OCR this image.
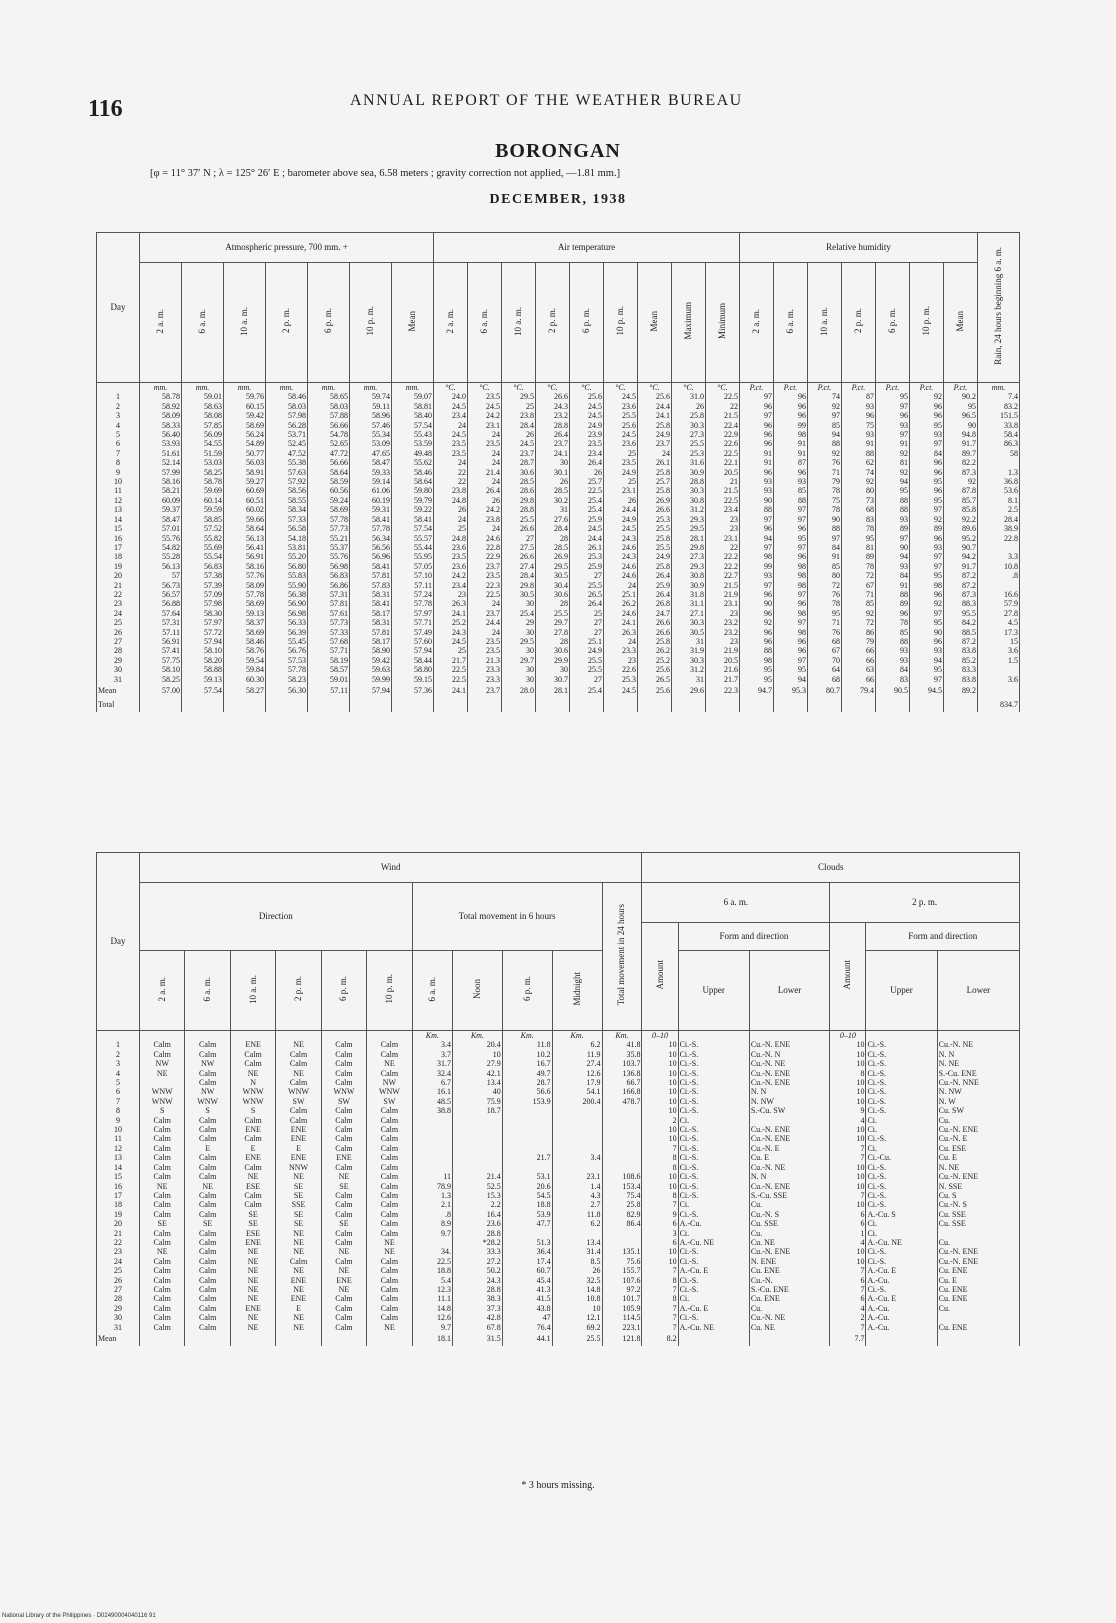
116	ANNUAL REPORT OF THE WEATHER BUREAU
BORONGAN
[φ = 11° 37′ N ; λ = 125° 26′ E ; barometer above sea, 6.58 meters ; gravity correction not applied, —1.81 mm.]
DECEMBER, 1938
Day	Atmospheric pressure, 700 mm. +							Air temperature									Relative humidity							Rain, 24 hours beginning 6 a. m.
	2 a. m.	6 a. m.	10 a. m.	2 p. m.	6 p. m.	10 p. m.	Mean	2 a. m.	6 a. m.	10 a. m.	2 p. m.	6 p. m.	10 p. m.	Mean	Maximum	Minimum	2 a. m.	6 a. m.	10 a. m.	2 p. m.	6 p. m.	10 p. m.	Mean	
	mm.	mm.	mm.	mm.	mm.	mm.	mm.	°C.	°C.	°C.	°C.	°C.	°C.	°C.	°C.	°C.	P.ct.	P.ct.	P.ct.	P.ct.	P.ct.	P.ct.	P.ct.	mm.
1	58.78	59.01	59.76	58.46	58.65	59.74	59.07	24.0	23.5	29.5	26.6	25.6	24.5	25.6	31.0	22.5	97	96	74	87	95	92	90.2	7.4
2	58.92	58.63	60.15	58.03	58.03	59.11	58.81	24.5	24.5	25	24.3	24.5	23.6	24.4	26	22	96	96	92	93	97	96	95	83.2
3	58.09	58.08	59.42	57.98	57.88	58.96	58.40	23.4	24.2	23.8	23.2	24.5	25.5	24.1	25.8	21.5	97	96	97	96	96	96	96.5	151.5
4	58.33	57.85	58.69	56.28	56.66	57.46	57.54	24	23.1	28.4	28.8	24.9	25.6	25.8	30.3	22.4	96	99	85	75	93	95	90	33.8
5	56.40	56.09	56.24	53.71	54.78	55.34	55.43	24.5	24	26	26.4	23.9	24.5	24.9	27.3	22.9	96	98	94	93	97	93	94.8	58.4
6	53.93	54.55	54.89	52.45	52.65	53.09	53.59	23.5	23.5	24.5	23.7	23.5	23.6	23.7	25.5	22.6	96	91	88	91	91	97	91.7	86.3
7	51.61	51.59	50.77	47.52	47.72	47.65	49.48	23.5	24	23.7	24.1	23.4	25	24	25.3	22.5	91	91	92	88	92	84	89.7	58
8	52.14	53.03	56.03	55.38	56.66	58.47	55.62	24	24	28.7	30	26.4	23.5	26.1	31.6	22.1	91	87	76	62	81	96	82.2	
9	57.99	58.25	58.91	57.63	58.64	59.33	58.46	22	21.4	30.6	30.1	26	24.9	25.8	30.9	20.5	96	96	71	74	92	96	87.3	1.3
10	58.16	58.78	59.27	57.92	58.59	59.14	58.64	22	24	28.5	26	25.7	25	25.7	28.8	21	93	93	79	92	94	95	92	36.8
11	58.21	59.69	60.69	58.56	60.56	61.06	59.80	23.8	26.4	28.6	28.5	22.5	23.1	25.8	30.3	21.5	93	85	78	80	95	96	87.8	53.6
12	60.09	60.14	60.51	58.55	59.24	60.19	59.79	24.8	26	29.8	30.2	25.4	26	26.9	30.8	22.5	90	88	75	73	88	95	85.7	8.1
13	59.37	59.59	60.02	58.34	58.69	59.31	59.22	26	24.2	28.8	31	25.4	24.4	26.6	31.2	23.4	88	97	78	68	88	97	85.8	2.5
14	58.47	58.85	59.66	57.33	57.78	58.41	58.41	24	23.8	25.5	27.6	25.9	24.9	25.3	29.3	23	97	97	90	83	93	92	92.2	28.4
15	57.01	57.52	58.64	56.58	57.73	57.78	57.54	25	24	26.6	28.4	24.5	24.5	25.5	29.5	23	96	96	88	78	89	89	89.6	38.9
16	55.76	55.82	56.13	54.18	55.21	56.34	55.57	24.8	24.6	27	28	24.4	24.3	25.8	28.1	23.1	94	95	97	95	97	96	95.2	22.8
17	54.82	55.69	56.41	53.81	55.37	56.56	55.44	23.6	22.8	27.5	28.5	26.1	24.6	25.5	29.8	22	97	97	84	81	90	93	90.7	
18	55.28	55.54	56.91	55.20	55.76	56.96	55.95	23.5	22.9	26.6	26.9	25.3	24.3	24.9	27.3	22.2	98	96	91	89	94	97	94.2	3.3
19	56.13	56.83	58.16	56.80	56.98	58.41	57.05	23.6	23.7	27.4	29.5	25.9	24.6	25.8	29.3	22.2	99	98	85	78	93	97	91.7	10.8
20	57	57.38	57.76	55.83	56.83	57.81	57.10	24.2	23.5	28.4	30.5	27	24.6	26.4	30.8	22.7	93	98	80	72	84	95	87.2	.8
21	56.73	57.39	58.09	55.90	56.86	57.83	57.11	23.4	22.3	29.8	30.4	25.5	24	25.9	30.9	21.5	97	98	72	67	91	98	87.2	
22	56.57	57.09	57.78	56.38	57.31	58.31	57.24	23	22.5	30.5	30.6	26.5	25.1	26.4	31.8	21.9	96	97	76	71	88	96	87.3	16.6
23	56.88	57.98	58.69	56.90	57.81	58.41	57.78	26.3	24	30	28	26.4	26.2	26.8	31.1	23.1	90	96	78	85	89	92	88.3	57.9
24	57.64	58.30	59.13	56.98	57.61	58.17	57.97	24.1	23.7	25.4	25.5	25	24.6	24.7	27.1	23	96	98	95	92	96	97	95.5	27.8
25	57.31	57.97	58.37	56.33	57.73	58.31	57.71	25.2	24.4	29	29.7	27	24.1	26.6	30.3	23.2	92	97	71	72	78	95	84.2	4.5
26	57.11	57.72	58.69	56.39	57.33	57.81	57.49	24.3	24	30	27.8	27	26.3	26.6	30.5	23.2	96	98	76	86	85	90	88.5	17.3
27	56.91	57.94	58.46	55.45	57.68	58.17	57.60	24.5	23.5	29.5	28	25.1	24	25.8	31	23	96	96	68	79	88	96	87.2	15
28	57.41	58.10	58.76	56.76	57.71	58.90	57.94	25	23.5	30	30.6	24.9	23.3	26.2	31.9	21.9	88	96	67	66	93	93	83.8	3.6
29	57.75	58.20	59.54	57.53	58.19	59.42	58.44	21.7	21.3	29.7	29.9	25.5	23	25.2	30.3	20.5	98	97	70	66	93	94	85.2	1.5
30	58.10	58.88	59.84	57.78	58.57	59.63	58.80	22.5	23.3	30	30	25.5	22.6	25.6	31.2	21.6	95	95	64	63	84	95	83.3	
31	58.25	59.13	60.30	58.23	59.01	59.99	59.15	22.5	23.3	30	30.7	27	25.3	26.5	31	21.7	95	94	68	66	83	97	83.8	3.6
Mean	57.00	57.54	58.27	56.30	57.11	57.94	57.36	24.1	23.7	28.0	28.1	25.4	24.5	25.6	29.6	22.3	94.7	95.3	80.7	79.4	90.5	94.5	89.2	
Total																								834.7
Day	Wind											Clouds					
	Direction						Total movement in 6 hours				Total movement in 24 hours	6 a. m.			2 p. m.		
												Amount	Form and direction		Amount	Form and direction	
	2 a. m.	6 a. m.	10 a. m.	2 p. m.	6 p. m.	10 p. m.	6 a. m.	Noon	6 p. m.	Midnight			Upper	Lower		Upper	Lower
							Km.	Km.	Km.	Km.	Km.	0–10			0–10		
1	Calm	Calm	ENE	NE	Calm	Calm	3.4	20.4	11.8	6.2	41.8	10	Ci.-S.	Cu.-N. ENE	10	Ci.-S.	Cu.-N. NE
2	Calm	Calm	Calm	Calm	Calm	Calm	3.7	10	10.2	11.9	35.8	10	Ci.-S.	Cu.-N. N	10	Ci.-S.	N. N
3	NW	NW	Calm	Calm	Calm	NE	31.7	27.9	16.7	27.4	103.7	10	Ci.-S.	Cu.-N. NE	10	Ci.-S.	N. NE
4	NE	Calm	NE	NE	Calm	Calm	32.4	42.1	49.7	12.6	136.8	10	Ci.-S.	Cu.-N. ENE	8	Ci.-S.	S.-Cu. ENE
5		Calm	N	Calm	Calm	NW	6.7	13.4	28.7	17.9	66.7	10	Ci.-S.	Cu.-N. ENE	10	Ci.-S.	Cu.-N. NNE
6	WNW	NW	WNW	WNW	WNW	WNW	16.1	40	56.6	54.1	166.8	10	Ci.-S.	N. N	10	Ci.-S.	N. NW
7	WNW	WNW	WNW	SW	SW	SW	48.5	75.9	153.9	200.4	478.7	10	Ci.-S.	N. NW	10	Ci.-S.	N. W
8	S	S	S	Calm	Calm	Calm	38.8	18.7				10	Ci.-S.	S.-Cu. SW	9	Ci.-S.	Cu. SW
9	Calm	Calm	Calm	Calm	Calm	Calm						2	Ci.		4	Ci.	Cu.
10	Calm	Calm	ENE	ENE	Calm	Calm						10	Ci.-S.	Cu.-N. ENE	10	Ci.	Cu.-N. ENE
11	Calm	Calm	Calm	ENE	Calm	Calm						10	Ci.-S.	Cu.-N. ENE	10	Ci.-S.	Cu.-N. E
12	Calm	E	E	E	Calm	Calm						7	Ci.-S.	Cu.-N. E	7	Ci.	Cu. ESE
13	Calm	Calm	ENE	ENE	ENE	Calm			21.7	3.4		8	Ci.-S.	Cu. E	7	Ci.-Cu.	Cu. E
14	Calm	Calm	Calm	NNW	Calm	Calm						8	Ci.-S.	Cu.-N. NE	10	Ci.-S.	N. NE
15	Calm	Calm	NE	NE	NE	Calm	11	21.4	53.1	23.1	108.6	10	Ci.-S.	N. N	10	Ci.-S.	Cu.-N. ENE
16	NE	NE	ESE	SE	SE	Calm	78.9	52.5	20.6	1.4	153.4	10	Ci.-S.	Cu.-N. ENE	10	Ci.-S.	N. SSE
17	Calm	Calm	Calm	SE	Calm	Calm	1.3	15.3	54.5	4.3	75.4	8	Ci.-S.	S.-Cu. SSE	7	Ci.-S.	Cu. S
18	Calm	Calm	Calm	SSE	Calm	Calm	2.1	2.2	18.8	2.7	25.8	7	Ci.	Cu.	10	Ci.-S.	Cu.-N. S
19	Calm	Calm	SE	SE	Calm	Calm	.8	16.4	53.9	11.8	82.9	9	Ci.-S.	Cu.-N. S	6	A.-Cu. S	Cu. SSE
20	SE	SE	SE	SE	SE	Calm	8.9	23.6	47.7	6.2	86.4	6	A.-Cu.	Cu. SSE	6	Ci.	Cu. SSE
21	Calm	Calm	ESE	NE	Calm	Calm	9.7	28.8				3	Ci.	Cu.	1	Ci.	
22	Calm	Calm	ENE	NE	Calm	NE		*28.2	51.3	13.4		6	A.-Cu. NE	Cu. NE	4	A.-Cu. NE	Cu.
23	NE	Calm	NE	NE	NE	NE	34.	33.3	36.4	31.4	135.1	10	Ci.-S.	Cu.-N. ENE	10	Ci.-S.	Cu.-N. ENE
24	Calm	Calm	NE	Calm	Calm	Calm	22.5	27.2	17.4	8.5	75.6	10	Ci.-S.	N. ENE	10	Ci.-S.	Cu.-N. ENE
25	Calm	Calm	NE	NE	NE	Calm	18.8	50.2	60.7	26	155.7	7	A.-Cu. E	Cu. ENE	7	A.-Cu. E	Cu. ENE
26	Calm	Calm	NE	ENE	ENE	Calm	5.4	24.3	45.4	32.5	107.6	8	Ci.-S.	Cu.-N.	6	A.-Cu.	Cu. E
27	Calm	Calm	NE	NE	NE	Calm	12.3	28.8	41.3	14.8	97.2	7	Ci.-S.	S.-Cu. ENE	7	Ci.-S.	Cu. ENE
28	Calm	Calm	NE	ENE	Calm	Calm	11.1	38.3	41.5	10.8	101.7	8	Ci.	Cu. ENE	6	A.-Cu. E	Cu. ENE
29	Calm	Calm	ENE	E	Calm	Calm	14.8	37.3	43.8	10	105.9	7	A.-Cu. E	Cu.	4	A.-Cu.	Cu.
30	Calm	Calm	NE	NE	Calm	Calm	12.6	42.8	47	12.1	114.5	7	Ci.-S.	Cu.-N. NE	2	A.-Cu.	
31	Calm	Calm	NE	NE	Calm	NE	9.7	67.8	76.4	69.2	223.1	7	A.-Cu. NE	Cu. NE	7	A.-Cu.	Cu. ENE
Mean							18.1	31.5	44.1	25.5	121.8	8.2			7.7		
* 3 hours missing.
National Library of the Philippines · D02490004040116 91
